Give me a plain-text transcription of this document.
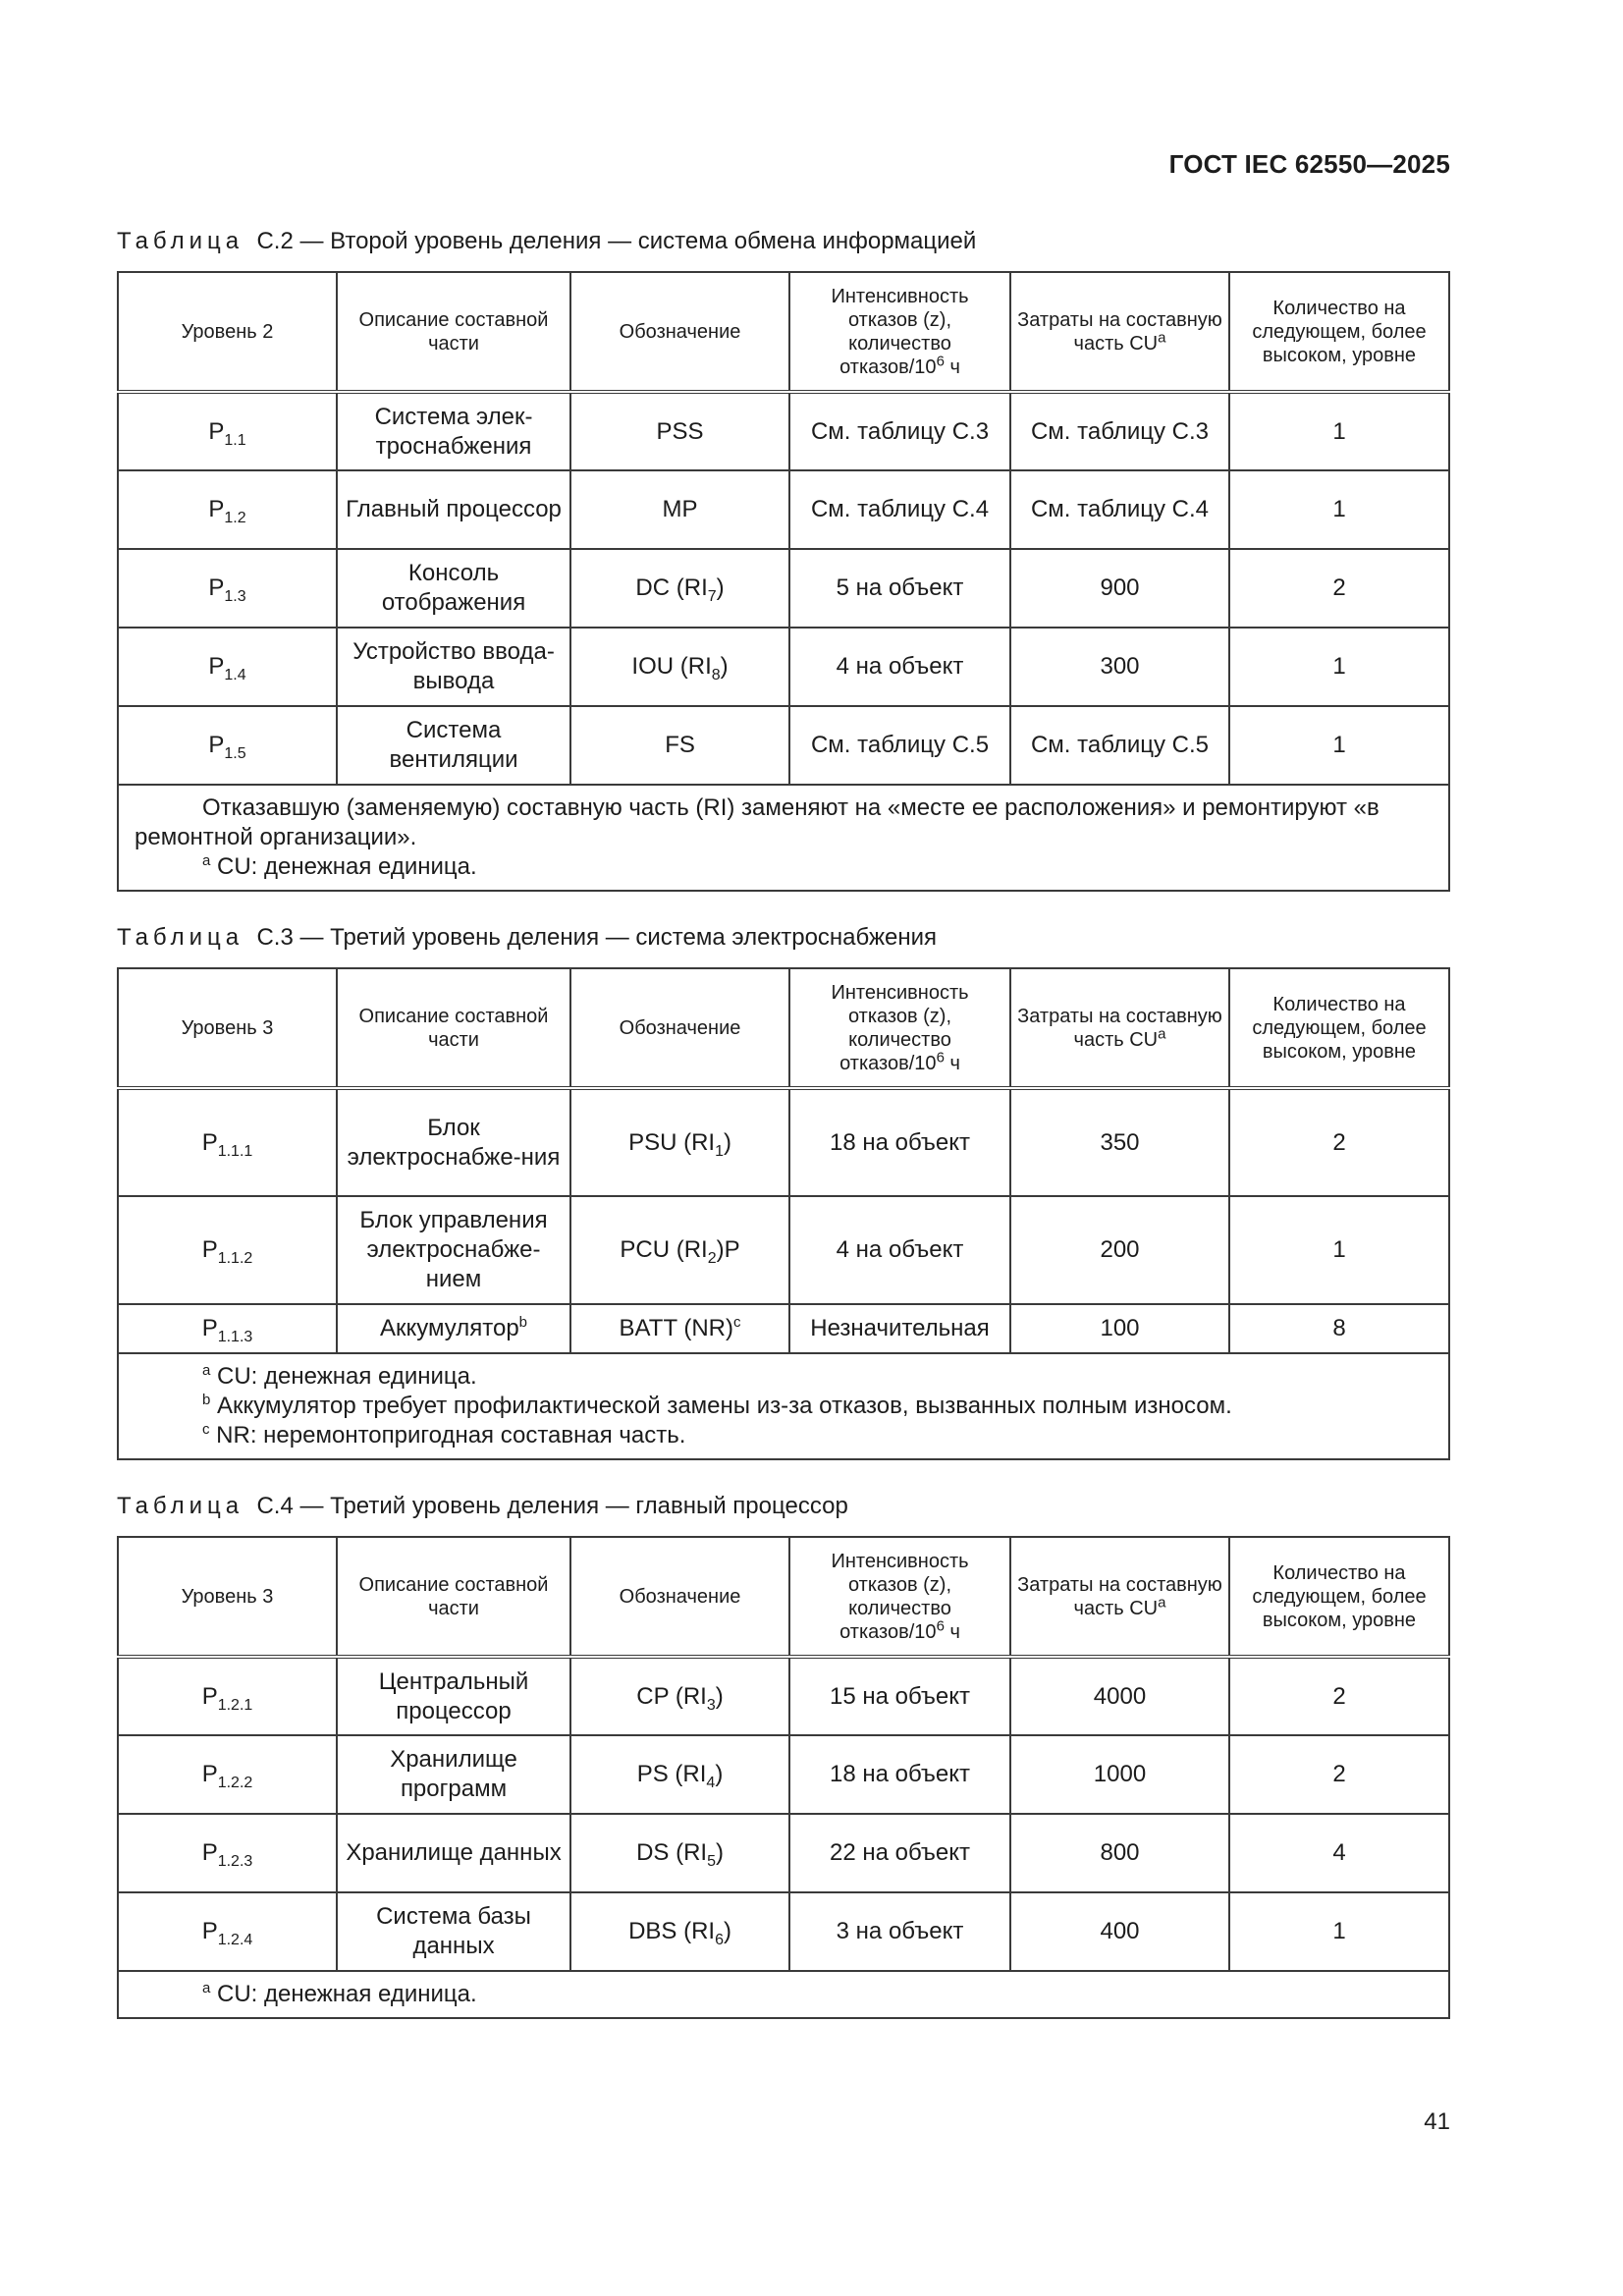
ГОСТ IEC 62550—2025
Таблица C.2 — Второй уровень деления — система обмена информацией
Уровень 2	Описание составной части	Обозначение	Интенсивность отказов (z), количество отказов/$10^6$ ч	Затраты на составную часть $CU^a$	Количество на следующем, более высоком, уровне
$P_{1.1}$	Система элек-троснабжения	PSS	См. таблицу C.3	См. таблицу C.3	1
$P_{1.2}$	Главный процессор	MP	См. таблицу C.4	См. таблицу C.4	1
$P_{1.3}$	Консоль отображения	DC $(RI_7)$	5 на объект	900	2
$P_{1.4}$	Устройство ввода-вывода	IOU $(RI_8)$	4 на объект	300	1
$P_{1.5}$	Система вентиляции	FS	См. таблицу C.5	См. таблицу C.5	1
Отказавшую (заменяемую) составную часть (RI) заменяют на «месте ее расположения» и ремонтируют «в ремонтной организации».
$^a$ CU: денежная единица.					
Таблица C.3 — Третий уровень деления — система электроснабжения
Уровень 3	Описание составной части	Обозначение	Интенсивность отказов (z), количество отказов/$10^6$ ч	Затраты на составную часть $CU^a$	Количество на следующем, более высоком, уровне
$P_{1.1.1}$	Блок электроснабже-ния	PSU $(RI_1)$	18 на объект	350	2
$P_{1.1.2}$	Блок управления электроснабже-нием	PCU $(RI_2)P$	4 на объект	200	1
$P_{1.1.3}$	Аккумулятор$^b$	BATT (NR)$^c$	Незначительная	100	8

$^a$ CU: денежная единица.
$^b$ Аккумулятор требует профилактической замены из-за отказов, вызванных полным износом.
$^c$ NR: неремонтопригодная составная часть.					
Таблица C.4 — Третий уровень деления — главный процессор
Уровень 3	Описание составной части	Обозначение	Интенсивность отказов (z), количество отказов/$10^6$ ч	Затраты на составную часть $CU^a$	Количество на следующем, более высоком, уровне
$P_{1.2.1}$	Центральный процессор	CP $(RI_3)$	15 на объект	4000	2
$P_{1.2.2}$	Хранилище программ	PS $(RI_4)$	18 на объект	1000	2
$P_{1.2.3}$	Хранилище данных	DS $(RI_5)$	22 на объект	800	4
$P_{1.2.4}$	Система базы данных	DBS $(RI_6)$	3 на объект	400	1

$^a$ CU: денежная единица.					
41
